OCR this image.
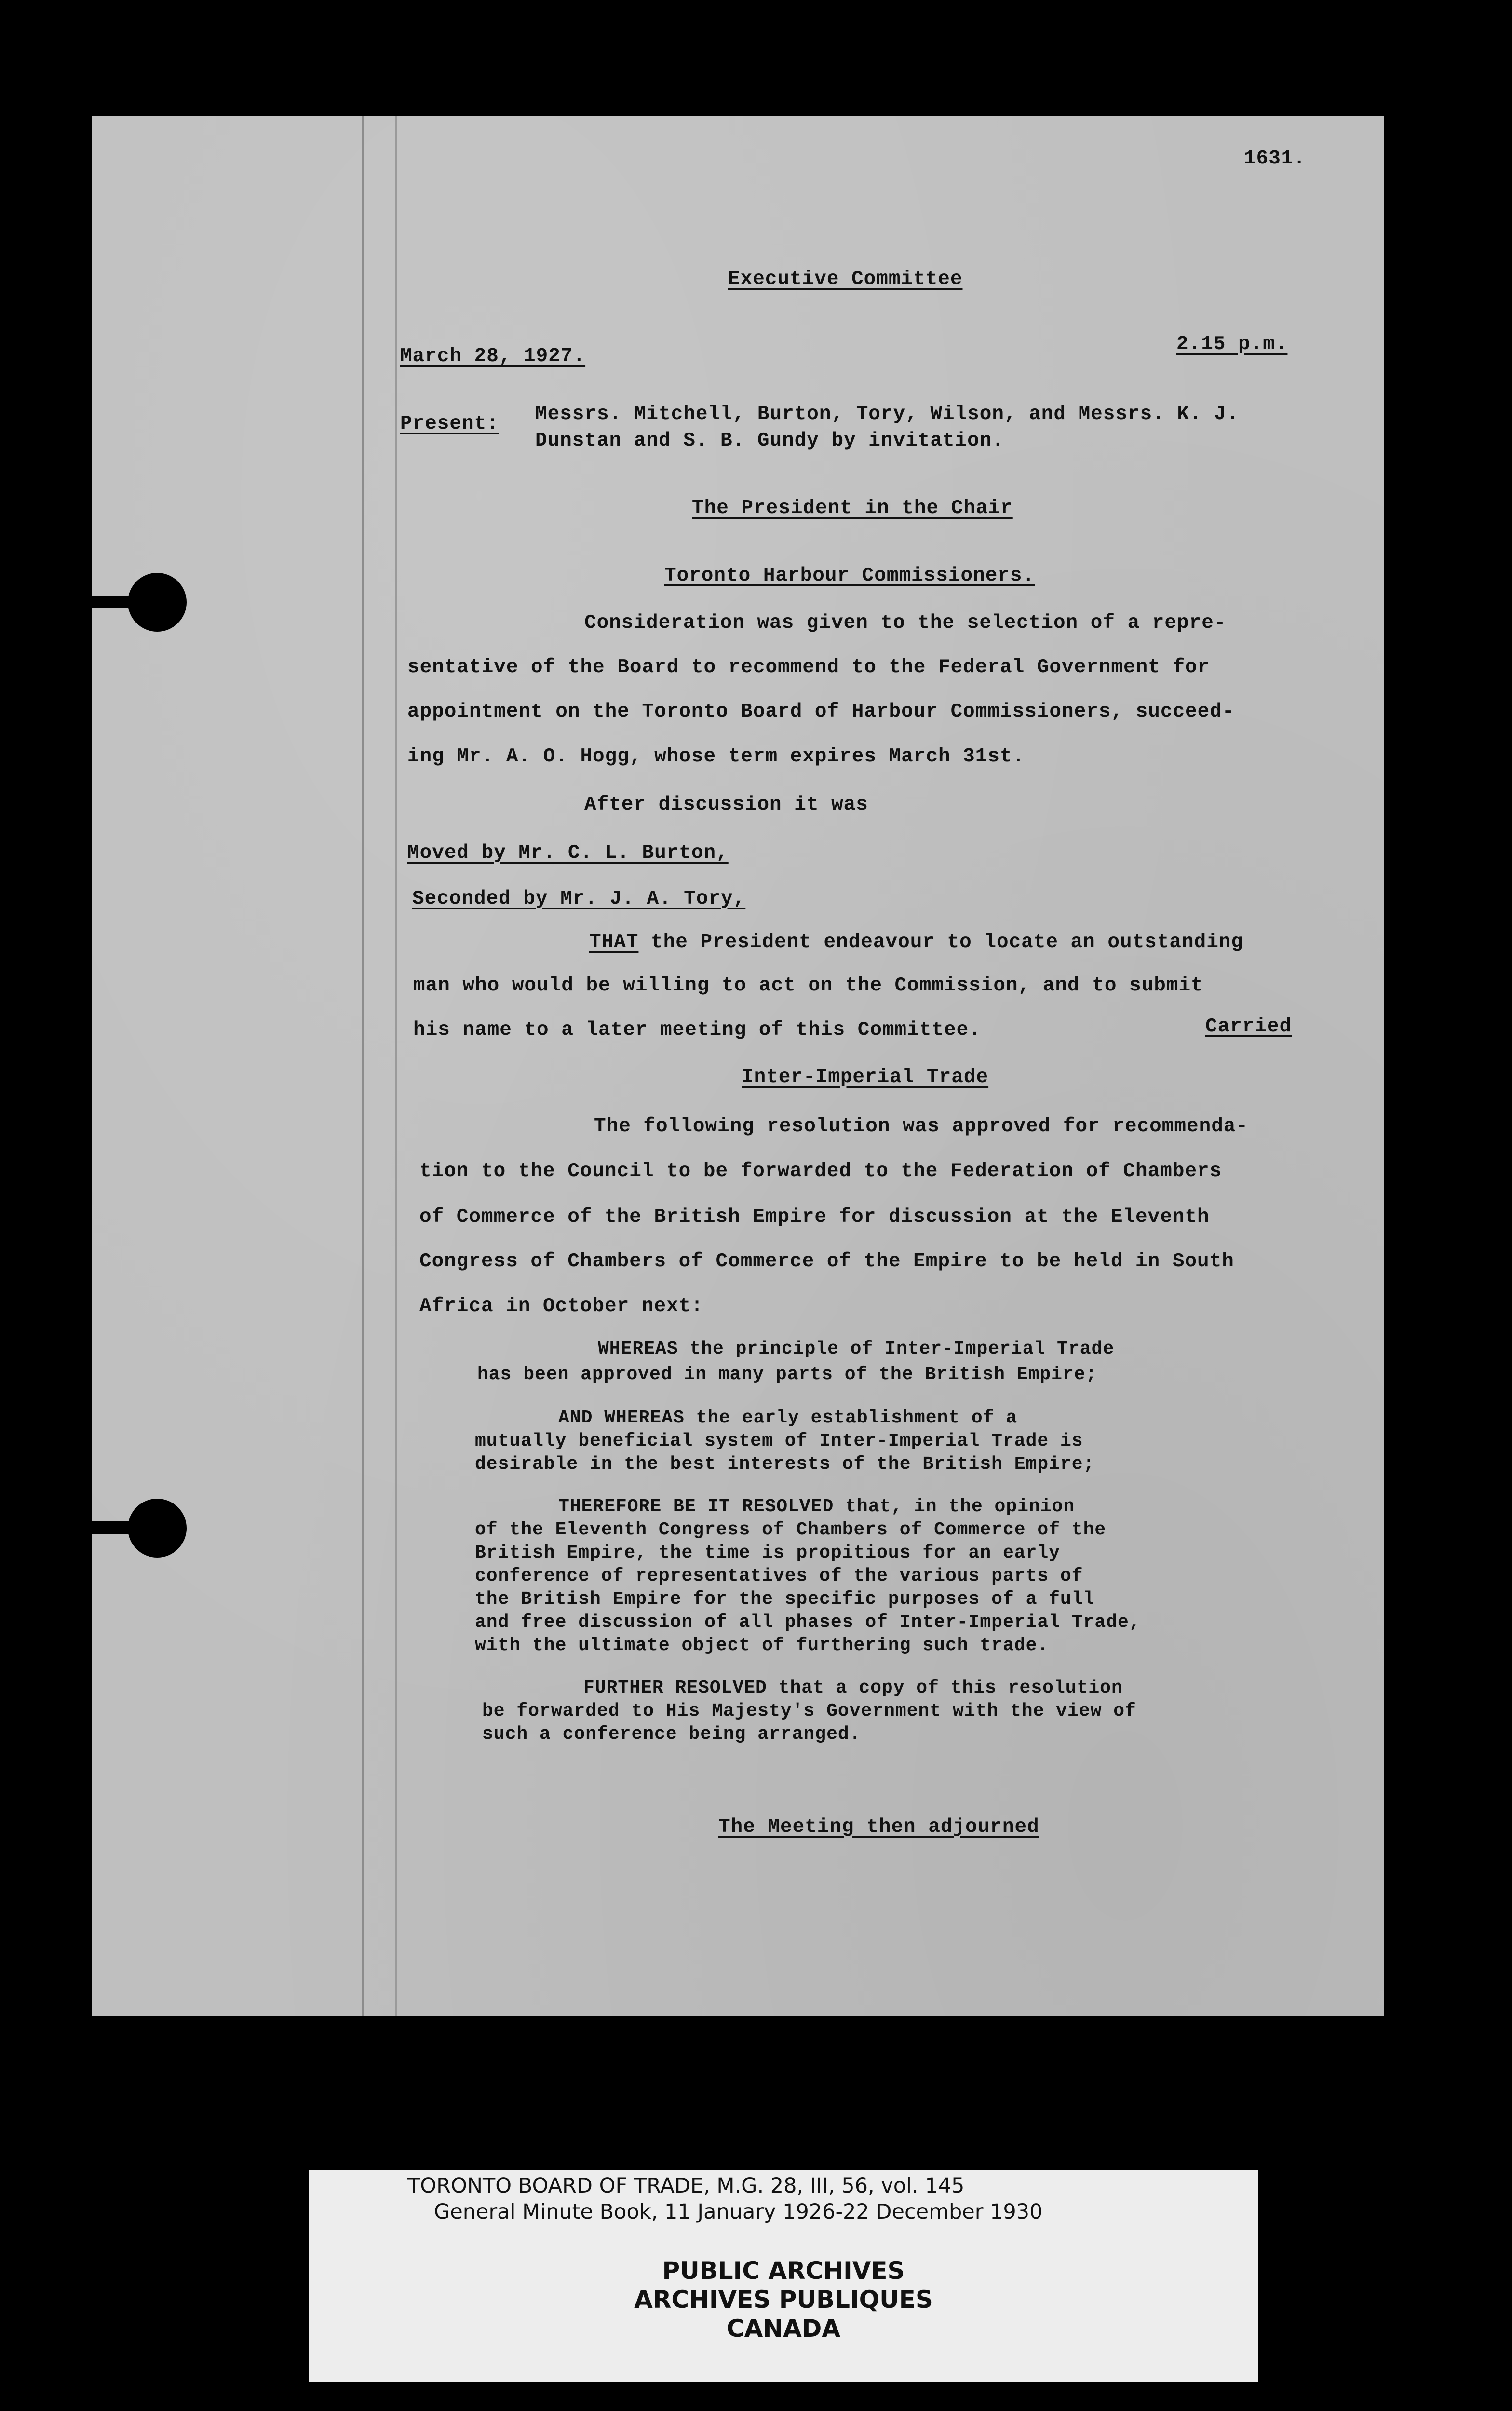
1631.
Executive Committee
March 28, 1927.
2.15 p.m.
Present: Messrs. Mitchell, Burton, Tory, Wilson, and Messrs. K. J.
Dunstan and S. B. Gundy by invitation.
The President in the Chair
Toronto Harbour Commissioners.
Consideration was given to the selection of a repre-
sentative of the Board to recommend to the Federal Government for
appointment on the Toronto Board of Harbour Commissioners, succeed-
ing Mr. A. O. Hogg, whose term expires March 31st.
After discussion it was
Moved by Mr. C. L. Burton,
Seconded by Mr. J. A. Tory,
THAT the President endeavour to locate an outstanding
man who would be willing to act on the Commission, and to submit
his name to a later meeting of this Committee.	Carried
Inter-Imperial Trade
The following resolution was approved for recommenda-
tion to the Council to be forwarded to the Federation of Chambers
of Commerce of the British Empire for discussion at the Eleventh
Congress of Chambers of Commerce of the Empire to be held in South
Africa in October next:
WHEREAS the principle of Inter-Imperial Trade
has been approved in many parts of the British Empire;
AND WHEREAS the early establishment of a
mutually beneficial system of Inter-Imperial Trade is
desirable in the best interests of the British Empire;
THEREFORE BE IT RESOLVED that, in the opinion
of the Eleventh Congress of Chambers of Commerce of the
British Empire, the time is propitious for an early
conference of representatives of the various parts of
the British Empire for the specific purposes of a full
and free discussion of all phases of Inter-Imperial Trade,
with the ultimate object of furthering such trade.
FURTHER RESOLVED that a copy of this resolution
be forwarded to His Majesty's Government with the view of
such a conference being arranged.
The Meeting then adjourned
TORONTO BOARD OF TRADE, M.G. 28, III, 56, vol. 145
General Minute Book, 11 January 1926-22 December 1930
PUBLIC ARCHIVES
ARCHIVES PUBLIQUES
CANADA
